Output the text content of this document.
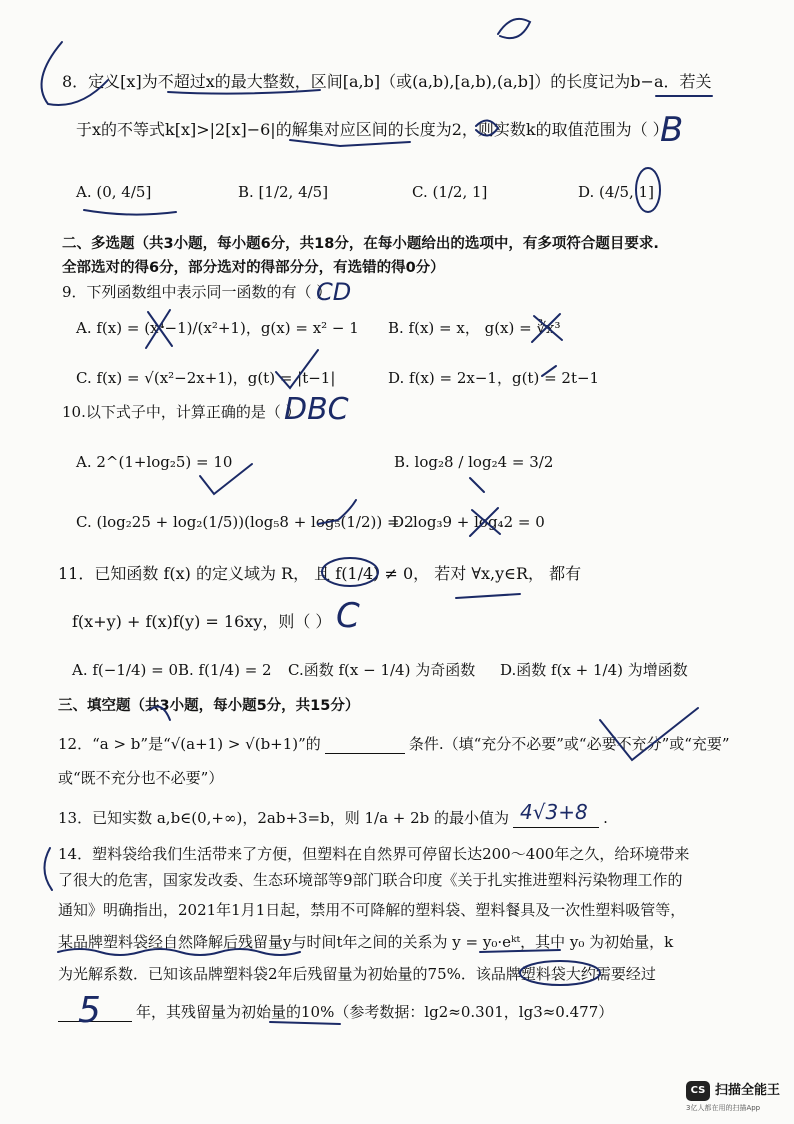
8．定义[x]为不超过x的最大整数，区间[a,b]（或(a,b),[a,b),(a,b]）的长度记为b−a．若关
于x的不等式k[x]>|2[x]−6|的解集对应区间的长度为2，则实数k的取值范围为（ ）
A. (0, 4/5]	B. [1/2, 4/5]	C. (1/2, 1]	D. (4/5, 1]
二、多选题（共3小题，每小题6分，共18分，在每小题给出的选项中，有多项符合题目要求.
全部选对的得6分，部分选对的得部分分，有选错的得0分）
9．下列函数组中表示同一函数的有（ ）
A. f(x) = (x⁴−1)/(x²+1)，g(x) = x² − 1 B. f(x) = x， g(x) = ∛x³
C. f(x) = √(x²−2x+1)，g(t) = |t−1|	D. f(x) = 2x−1，g(t) = 2t−1
10.以下式子中，计算正确的是（ ）
A. 2^(1+log₂5) = 10	B. log₂8 / log₂4 = 3/2
C. (log₂25 + log₂(1/5))(log₅8 + log₅(1/2)) = 2
D. log₃9 + log₄2 = 0
11．已知函数 f(x) 的定义域为 R， 且 f(1/4) ≠ 0， 若对 ∀x,y∈R， 都有
f(x+y) + f(x)f(y) = 16xy，则（ ）
A. f(−1/4) = 0 B. f(1/4) = 2 C.函数 f(x − 1/4) 为奇函数 D.函数 f(x + 1/4) 为增函数
三、填空题（共3小题，每小题5分，共15分）
12．“a > b”是“√(a+1) > √(b+1)”的	条件.（填“充分不必要”或“必要不充分”或“充要”
或“既不充分也不必要”）
13．已知实数 a,b∈(0,+∞)，2ab+3=b，则 1/a + 2b 的最小值为	.
14．塑料袋给我们生活带来了方便，但塑料在自然界可停留长达200～400年之久，给环境带来
了很大的危害，国家发改委、生态环境部等9部门联合印度《关于扎实推进塑料污染物理工作的
通知》明确指出，2021年1月1日起，禁用不可降解的塑料袋、塑料餐具及一次性塑料吸管等，
某品牌塑料袋经自然降解后残留量y与时间t年之间的关系为 y = y₀·eᵏᵗ，其中 y₀ 为初始量，k
为光解系数．已知该品牌塑料袋2年后残留量为初始量的75%．该品牌塑料袋大约需要经过
年，其残留量为初始量的10%（参考数据：lg2≈0.301，lg3≈0.477）
B
CD
DBC
C
4√3+8
5
CS 扫描全能王
3亿人都在用的扫描App
